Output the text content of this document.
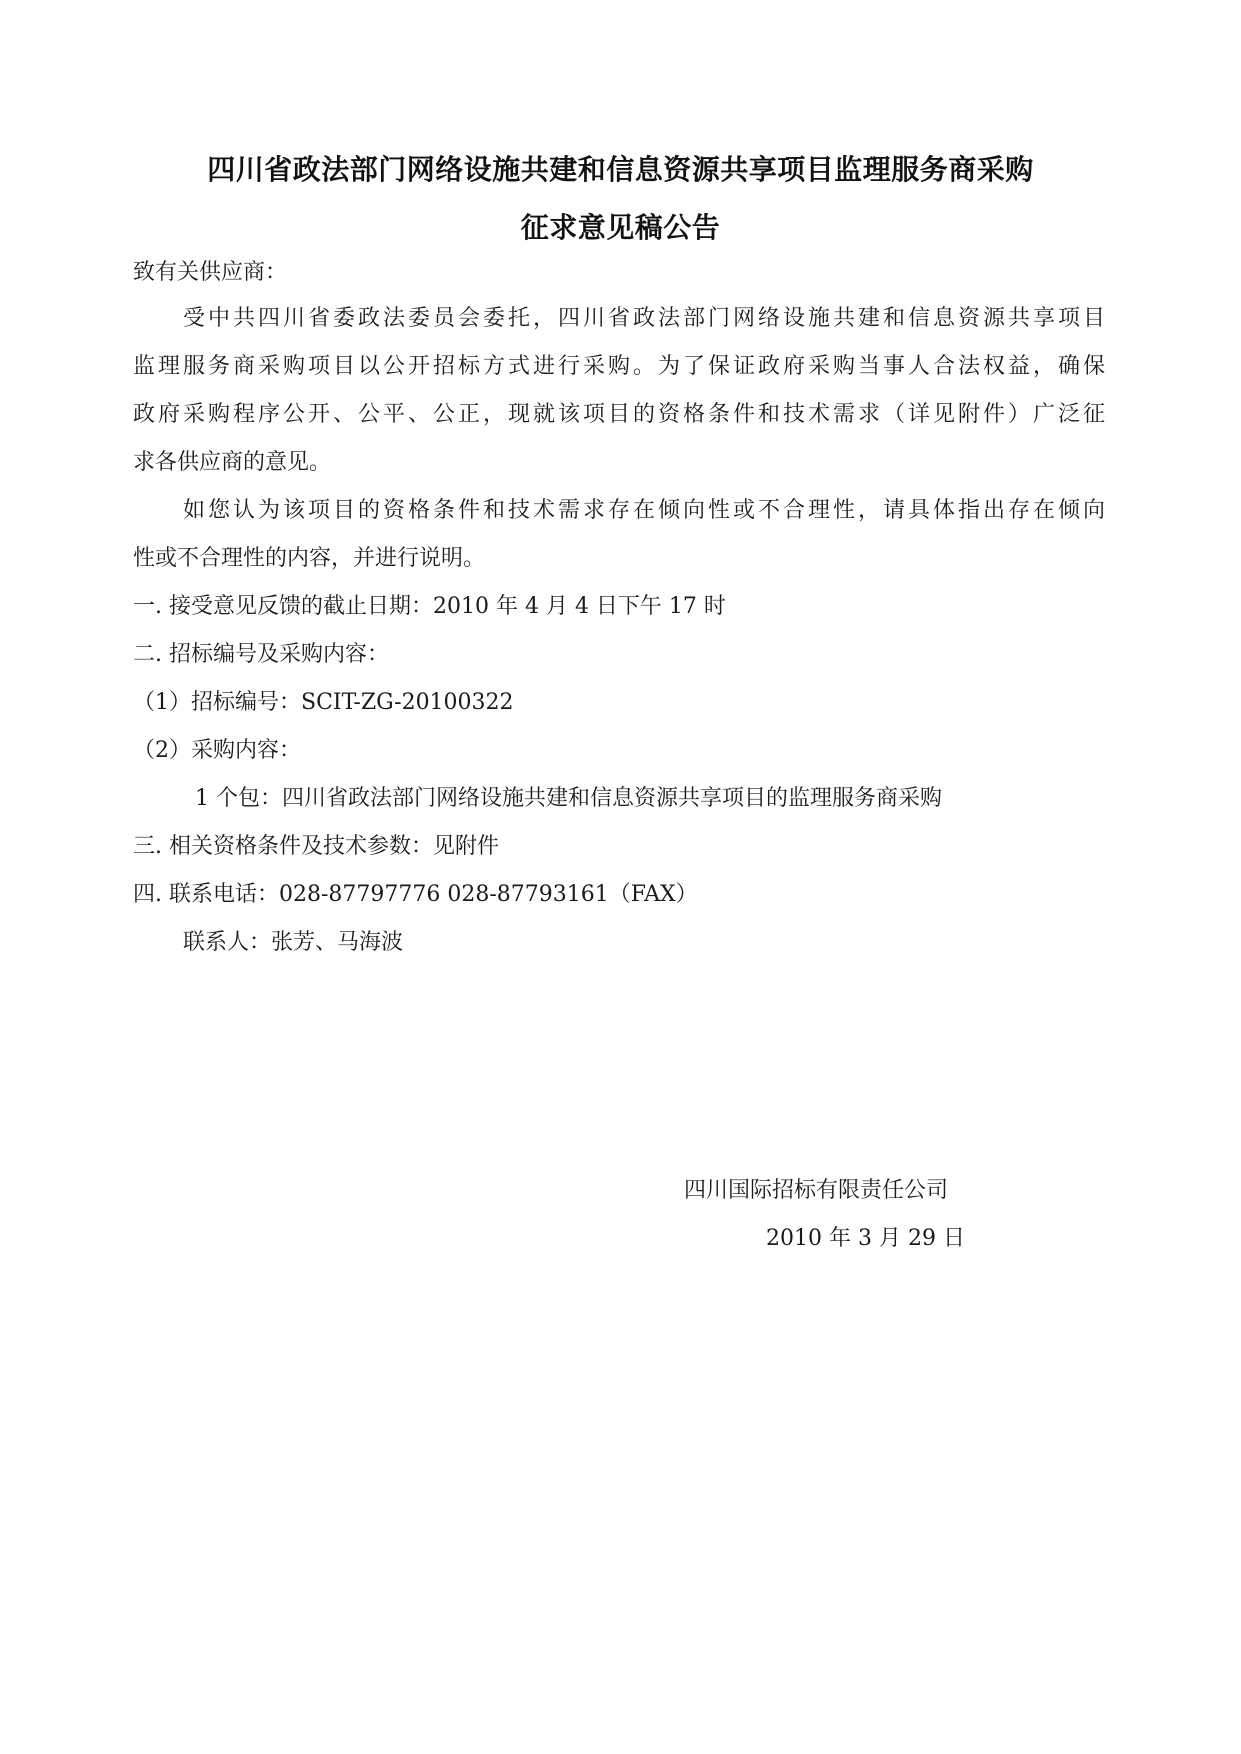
四川省政法部门网络设施共建和信息资源共享项目监理服务商采购
征求意见稿公告
致有关供应商：
受中共四川省委政法委员会委托，四川省政法部门网络设施共建和信息资源共享项目
监理服务商采购项目以公开招标方式进行采购。为了保证政府采购当事人合法权益，确保
政府采购程序公开、公平、公正，现就该项目的资格条件和技术需求（详见附件）广泛征
求各供应商的意见。
如您认为该项目的资格条件和技术需求存在倾向性或不合理性，请具体指出存在倾向
性或不合理性的内容，并进行说明。
一. 接受意见反馈的截止日期：2010 年 4 月 4 日下午 17 时
二. 招标编号及采购内容：
（1）招标编号：SCIT-ZG-20100322
（2）采购内容：
1 个包：四川省政法部门网络设施共建和信息资源共享项目的监理服务商采购
三. 相关资格条件及技术参数：见附件
四. 联系电话：028-87797776 028-87793161（FAX）
联系人：张芳、马海波
四川国际招标有限责任公司
2010 年 3 月 29 日
